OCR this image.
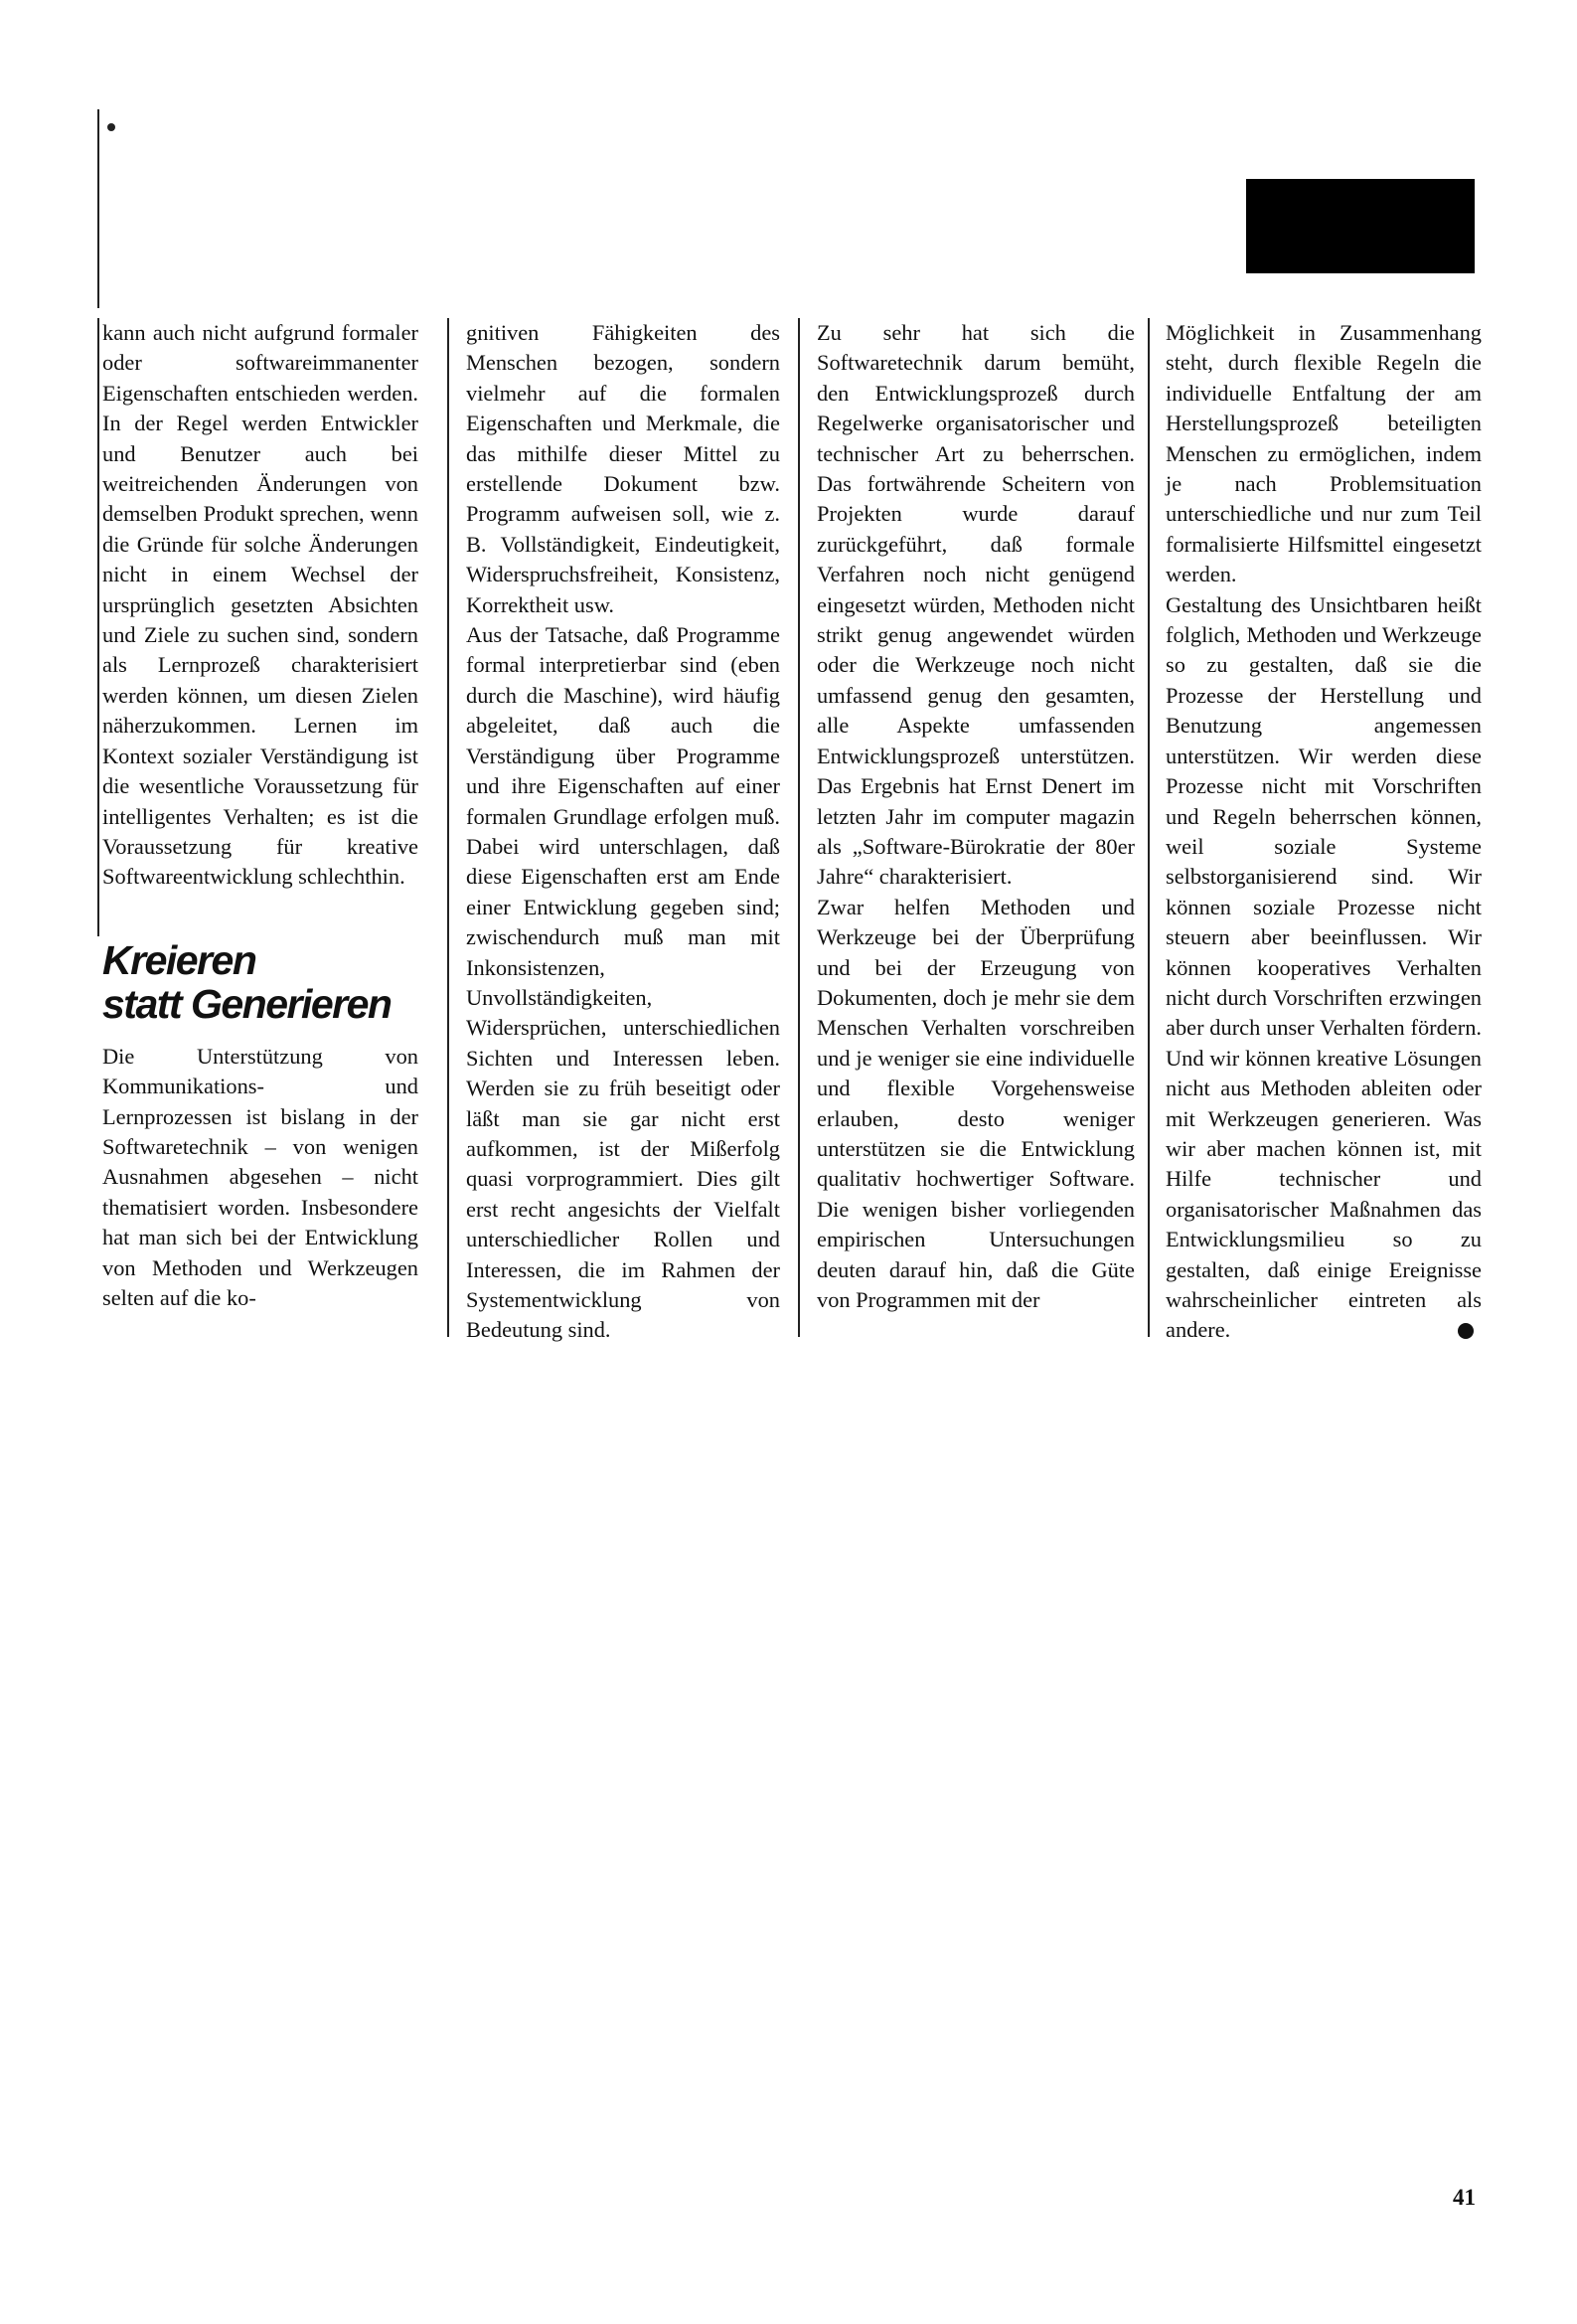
kann auch nicht aufgrund formaler oder softwareimmanenter Eigenschaften entschieden werden. In der Regel werden Entwickler und Benutzer auch bei weitreichenden Änderungen von demselben Produkt sprechen, wenn die Gründe für solche Änderungen nicht in einem Wechsel der ursprünglich gesetzten Absichten und Ziele zu suchen sind, sondern als Lernprozeß charakterisiert werden können, um diesen Zielen näherzukommen. Lernen im Kontext sozialer Verständigung ist die wesentliche Voraussetzung für intelligentes Verhalten; es ist die Voraussetzung für kreative Softwareentwicklung schlechthin.

Kreieren
statt Generieren

Die Unterstützung von Kommunikations- und Lernprozessen ist bislang in der Softwaretechnik – von wenigen Ausnahmen abgesehen – nicht thematisiert worden. Insbesondere hat man sich bei der Entwicklung von Methoden und Werkzeugen selten auf die ko-

gnitiven Fähigkeiten des Menschen bezogen, sondern vielmehr auf die formalen Eigenschaften und Merkmale, die das mithilfe dieser Mittel zu erstellende Dokument bzw. Programm aufweisen soll, wie z. B. Vollständigkeit, Eindeutigkeit, Widerspruchsfreiheit, Konsistenz, Korrektheit usw.

Aus der Tatsache, daß Programme formal interpretierbar sind (eben durch die Maschine), wird häufig abgeleitet, daß auch die Verständigung über Programme und ihre Eigenschaften auf einer formalen Grundlage erfolgen muß. Dabei wird unterschlagen, daß diese Eigenschaften erst am Ende einer Entwicklung gegeben sind; zwischendurch muß man mit Inkonsistenzen, Unvollständigkeiten, Widersprüchen, unterschiedlichen Sichten und Interessen leben. Werden sie zu früh beseitigt oder läßt man sie gar nicht erst aufkommen, ist der Mißerfolg quasi vorprogrammiert. Dies gilt erst recht angesichts der Vielfalt unterschiedlicher Rollen und Interessen, die im Rahmen der Systementwicklung von Bedeutung sind.

Zu sehr hat sich die Softwaretechnik darum bemüht, den Entwicklungsprozeß durch Regelwerke organisatorischer und technischer Art zu beherrschen. Das fortwährende Scheitern von Projekten wurde darauf zurückgeführt, daß formale Verfahren noch nicht genügend eingesetzt würden, Methoden nicht strikt genug angewendet würden oder die Werkzeuge noch nicht umfassend genug den gesamten, alle Aspekte umfassenden Entwicklungsprozeß unterstützen. Das Ergebnis hat Ernst Denert im letzten Jahr im computer magazin als „Software-Bürokratie der 80er Jahre“ charakterisiert.

Zwar helfen Methoden und Werkzeuge bei der Überprüfung und bei der Erzeugung von Dokumenten, doch je mehr sie dem Menschen Verhalten vorschreiben und je weniger sie eine individuelle und flexible Vorgehensweise erlauben, desto weniger unterstützen sie die Entwicklung qualitativ hochwertiger Software. Die wenigen bisher vorliegenden empirischen Untersuchungen deuten darauf hin, daß die Güte von Programmen mit der

Möglichkeit in Zusammenhang steht, durch flexible Regeln die individuelle Entfaltung der am Herstellungsprozeß beteiligten Menschen zu ermöglichen, indem je nach Problemsituation unterschiedliche und nur zum Teil formalisierte Hilfsmittel eingesetzt werden.

Gestaltung des Unsichtbaren heißt folglich, Methoden und Werkzeuge so zu gestalten, daß sie die Prozesse der Herstellung und Benutzung angemessen unterstützen. Wir werden diese Prozesse nicht mit Vorschriften und Regeln beherrschen können, weil soziale Systeme selbstorganisierend sind. Wir können soziale Prozesse nicht steuern aber beeinflussen. Wir können kooperatives Verhalten nicht durch Vorschriften erzwingen aber durch unser Verhalten fördern. Und wir können kreative Lösungen nicht aus Methoden ableiten oder mit Werkzeugen generieren. Was wir aber machen können ist, mit Hilfe technischer und organisatorischer Maßnahmen das Entwicklungsmilieu so zu gestalten, daß einige Ereignisse wahrscheinlicher eintreten als andere.

41
